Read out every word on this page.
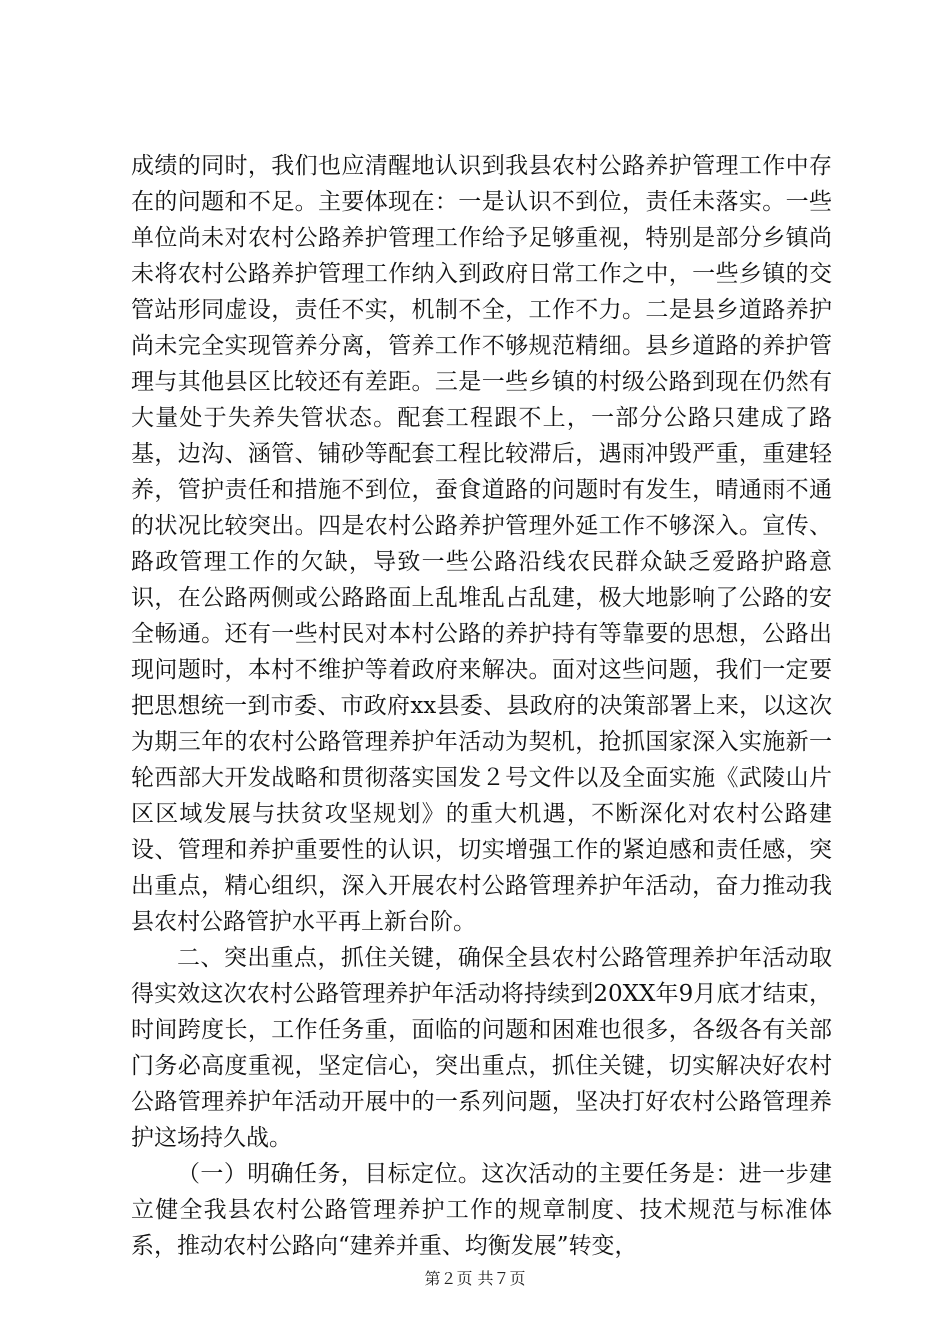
成绩的同时，我们也应清醒地认识到我县农村公路养护管理工作中存在的问题和不足。主要体现在：一是认识不到位，责任未落实。一些单位尚未对农村公路养护管理工作给予足够重视，特别是部分乡镇尚未将农村公路养护管理工作纳入到政府日常工作之中，一些乡镇的交管站形同虚设，责任不实，机制不全，工作不力。二是县乡道路养护尚未完全实现管养分离，管养工作不够规范精细。县乡道路的养护管理与其他县区比较还有差距。三是一些乡镇的村级公路到现在仍然有大量处于失养失管状态。配套工程跟不上，一部分公路只建成了路基，边沟、涵管、铺砂等配套工程比较滞后，遇雨冲毁严重，重建轻养，管护责任和措施不到位，蚕食道路的问题时有发生，晴通雨不通的状况比较突出。四是农村公路养护管理外延工作不够深入。宣传、路政管理工作的欠缺，导致一些公路沿线农民群众缺乏爱路护路意识，在公路两侧或公路路面上乱堆乱占乱建，极大地影响了公路的安全畅通。还有一些村民对本村公路的养护持有等靠要的思想，公路出现问题时，本村不维护等着政府来解决。面对这些问题，我们一定要把思想统一到市委、市政府xx县委、县政府的决策部署上来，以这次为期三年的农村公路管理养护年活动为契机，抢抓国家深入实施新一轮西部大开发战略和贯彻落实国发２号文件以及全面实施《武陵山片区区域发展与扶贫攻坚规划》的重大机遇，不断深化对农村公路建设、管理和养护重要性的认识，切实增强工作的紧迫感和责任感，突出重点，精心组织，深入开展农村公路管理养护年活动，奋力推动我县农村公路管护水平再上新台阶。

二、突出重点，抓住关键，确保全县农村公路管理养护年活动取得实效这次农村公路管理养护年活动将持续到20XX年9月底才结束，时间跨度长，工作任务重，面临的问题和困难也很多，各级各有关部门务必高度重视，坚定信心，突出重点，抓住关键，切实解决好农村公路管理养护年活动开展中的一系列问题，坚决打好农村公路管理养护这场持久战。

（一）明确任务，目标定位。这次活动的主要任务是：进一步建立健全我县农村公路管理养护工作的规章制度、技术规范与标准体系，推动农村公路向“建养并重、均衡发展”转变，

第２页 共７页
